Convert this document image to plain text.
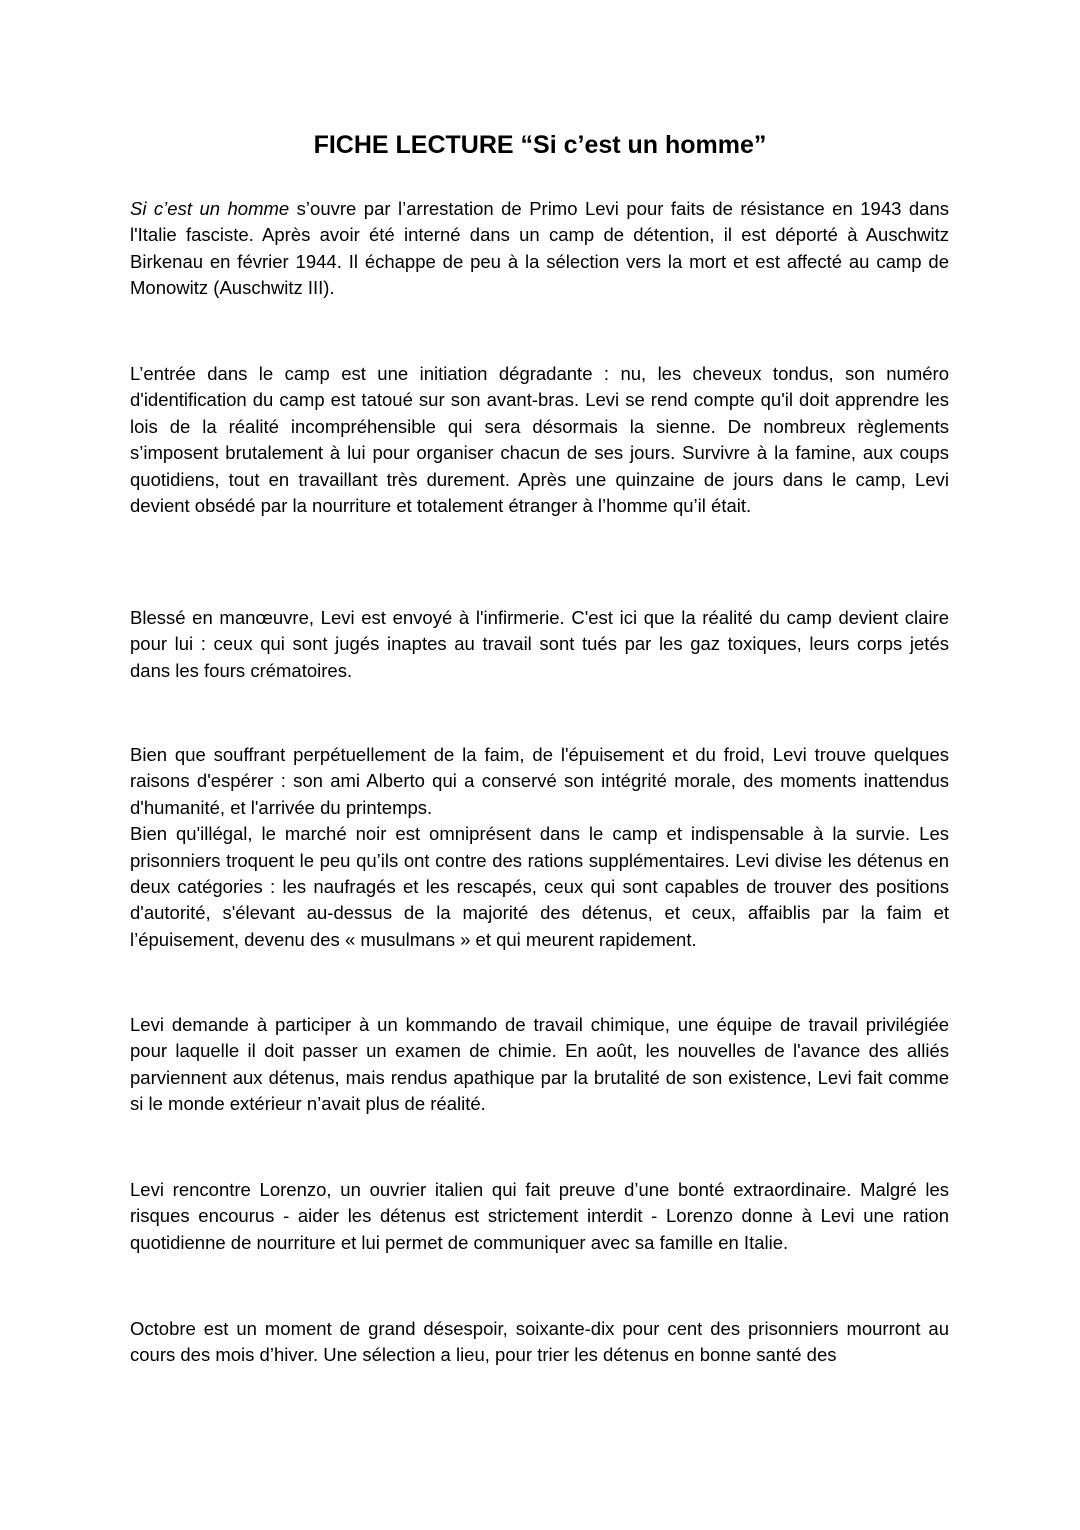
FICHE LECTURE “Si c’est un homme”

Si c’est un homme s’ouvre par l’arrestation de Primo Levi pour faits de résistance en 1943 dans l'Italie fasciste. Après avoir été interné dans un camp de détention, il est déporté à Auschwitz Birkenau en février 1944. Il échappe de peu à la sélection vers la mort et est affecté au camp de Monowitz (Auschwitz III).

L’entrée dans le camp est une initiation dégradante : nu, les cheveux tondus, son numéro d'identification du camp est tatoué sur son avant-bras. Levi se rend compte qu'il doit apprendre les lois de la réalité incompréhensible qui sera désormais la sienne. De nombreux règlements s’imposent brutalement à lui pour organiser chacun de ses jours. Survivre à la famine, aux coups quotidiens, tout en travaillant très durement. Après une quinzaine de jours dans le camp, Levi devient obsédé par la nourriture et totalement étranger à l’homme qu’il était.

Blessé en manœuvre, Levi est envoyé à l'infirmerie. C'est ici que la réalité du camp devient claire pour lui : ceux qui sont jugés inaptes au travail sont tués par les gaz toxiques, leurs corps jetés dans les fours crématoires.

Bien que souffrant perpétuellement de la faim, de l'épuisement et du froid, Levi trouve quelques raisons d'espérer : son ami Alberto qui a conservé son intégrité morale, des moments inattendus d'humanité, et l'arrivée du printemps.

Bien qu'illégal, le marché noir est omniprésent dans le camp et indispensable à la survie. Les prisonniers troquent le peu qu’ils ont contre des rations supplémentaires. Levi divise les détenus en deux catégories : les naufragés et les rescapés, ceux qui sont capables de trouver des positions d'autorité, s'élevant au-dessus de la majorité des détenus, et ceux, affaiblis par la faim et l’épuisement, devenu des « musulmans » et qui meurent rapidement.

Levi demande à participer à un kommando de travail chimique, une équipe de travail privilégiée pour laquelle il doit passer un examen de chimie. En août, les nouvelles de l'avance des alliés parviennent aux détenus, mais rendus apathique par la brutalité de son existence, Levi fait comme si le monde extérieur n’avait plus de réalité.

Levi rencontre Lorenzo, un ouvrier italien qui fait preuve d’une bonté extraordinaire. Malgré les risques encourus - aider les détenus est strictement interdit - Lorenzo donne à Levi une ration quotidienne de nourriture et lui permet de communiquer avec sa famille en Italie.

Octobre est un moment de grand désespoir, soixante-dix pour cent des prisonniers mourront au cours des mois d’hiver. Une sélection a lieu, pour trier les détenus en bonne santé des
